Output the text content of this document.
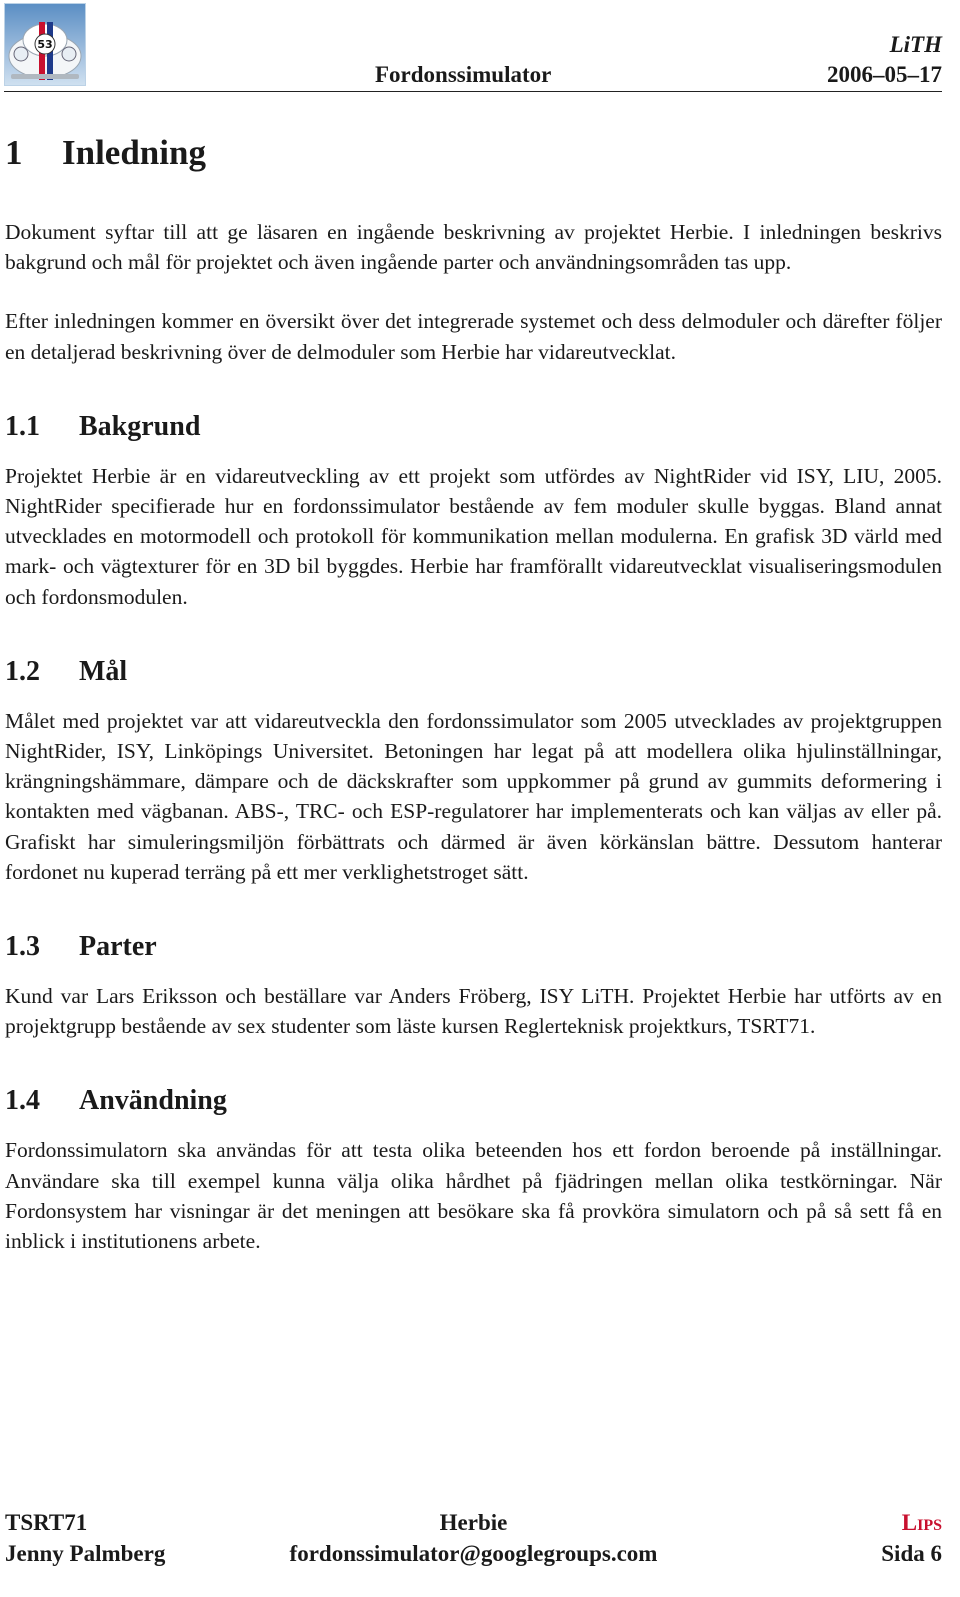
53	LiTH
2006–05–17
Fordonssimulator
1 Inledning

Dokument syftar till att ge läsaren en ingående beskrivning av projektet Herbie. I inledningen beskrivs bakgrund och mål för projektet och även ingående parter och användningsområden tas upp.

Efter inledningen kommer en översikt över det integrerade systemet och dess delmoduler och därefter följer en detaljerad beskrivning över de delmoduler som Herbie har vidareutvecklat.

1.1 Bakgrund

Projektet Herbie är en vidareutveckling av ett projekt som utfördes av NightRider vid ISY, LIU, 2005. NightRider specifierade hur en fordonssimulator bestående av fem moduler skulle byggas. Bland annat utvecklades en motormodell och protokoll för kommunikation mellan modulerna. En grafisk 3D värld med mark- och vägtexturer för en 3D bil byggdes. Herbie har framförallt vidareutvecklat visualiseringsmodulen och fordonsmodulen.

1.2 Mål

Målet med projektet var att vidareutveckla den fordonssimulator som 2005 utvecklades av projektgruppen NightRider, ISY, Linköpings Universitet. Betoningen har legat på att modellera olika hjulinställningar, krängningshämmare, dämpare och de däckskrafter som uppkommer på grund av gummits deformering i kontakten med vägbanan. ABS-, TRC- och ESP-regulatorer har implementerats och kan väljas av eller på. Grafiskt har simuleringsmiljön förbättrats och därmed är även körkänslan bättre. Dessutom hanterar fordonet nu kuperad terräng på ett mer verklighetstroget sätt.

1.3 Parter

Kund var Lars Eriksson och beställare var Anders Fröberg, ISY LiTH. Projektet Herbie har utförts av en projektgrupp bestående av sex studenter som läste kursen Reglerteknisk projektkurs, TSRT71.

1.4 Användning

Fordonssimulatorn ska användas för att testa olika beteenden hos ett fordon beroende på inställningar. Användare ska till exempel kunna välja olika hårdhet på fjädringen mellan olika testkörningar. När Fordonsystem har visningar är det meningen att besökare ska få provköra simulatorn och på så sett få en inblick i institutionens arbete.

TSRT71	Herbie	Lips
Jenny Palmberg	fordonssimulator@googlegroups.com	Sida 6
